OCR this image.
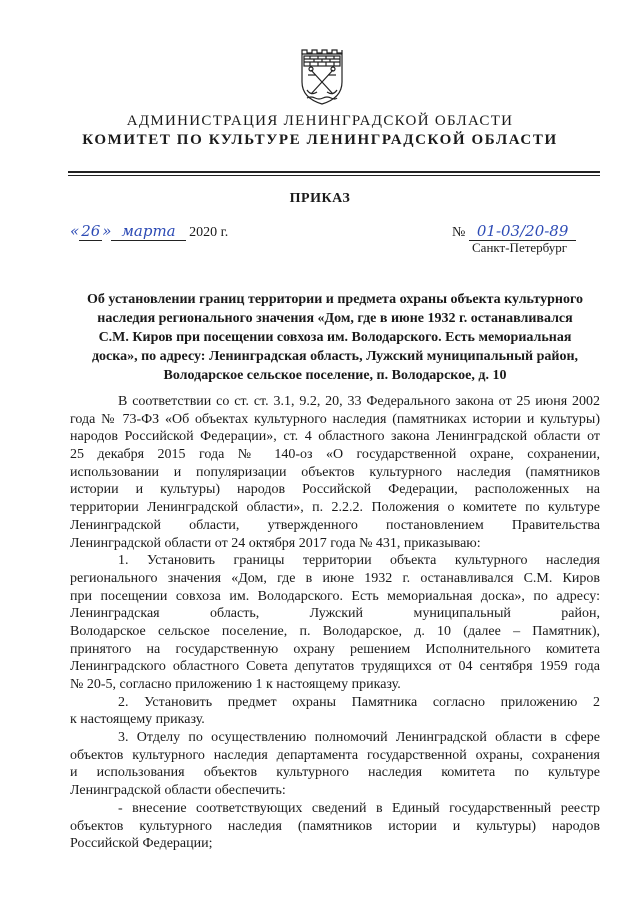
АДМИНИСТРАЦИЯ ЛЕНИНГРАДСКОЙ ОБЛАСТИ
КОМИТЕТ ПО КУЛЬТУРЕ ЛЕНИНГРАДСКОЙ ОБЛАСТИ
ПРИКАЗ
« 26 » марта 2020 г.	№ 01-03/20-89
Санкт-Петербург
Об установлении границ территории и предмета охраны объекта культурного
наследия регионального значения «Дом, где в июне 1932 г. останавливался
С.М. Киров при посещении совхоза им. Володарского. Есть мемориальная
доска», по адресу: Ленинградская область, Лужский муниципальный район,
Володарское сельское поселение, п. Володарское, д. 10
В соответствии со ст. ст. 3.1, 9.2, 20, 33 Федерального закона от 25 июня 2002
года № 73-ФЗ «Об объектах культурного наследия (памятниках истории и культуры)
народов Российской Федерации», ст. 4 областного закона Ленинградской области от
25 декабря 2015 года № 140-оз «О государственной охране, сохранении,
использовании и популяризации объектов культурного наследия (памятников
истории и культуры) народов Российской Федерации, расположенных на
территории Ленинградской области», п. 2.2.2. Положения о комитете по культуре
Ленинградской области, утвержденного постановлением Правительства
Ленинградской области от 24 октября 2017 года № 431, приказываю:
1. Установить границы территории объекта культурного наследия
регионального значения «Дом, где в июне 1932 г. останавливался С.М. Киров
при посещении совхоза им. Володарского. Есть мемориальная доска», по адресу:
Ленинградская область, Лужский муниципальный район,
Володарское сельское поселение, п. Володарское, д. 10 (далее – Памятник),
принятого на государственную охрану решением Исполнительного комитета
Ленинградского областного Совета депутатов трудящихся от 04 сентября 1959 года
№ 20-5, согласно приложению 1 к настоящему приказу.
2. Установить предмет охраны Памятника согласно приложению 2
к настоящему приказу.
3. Отделу по осуществлению полномочий Ленинградской области в сфере
объектов культурного наследия департамента государственной охраны, сохранения
и использования объектов культурного наследия комитета по культуре
Ленинградской области обеспечить:
- внесение соответствующих сведений в Единый государственный реестр
объектов культурного наследия (памятников истории и культуры) народов
Российской Федерации;
